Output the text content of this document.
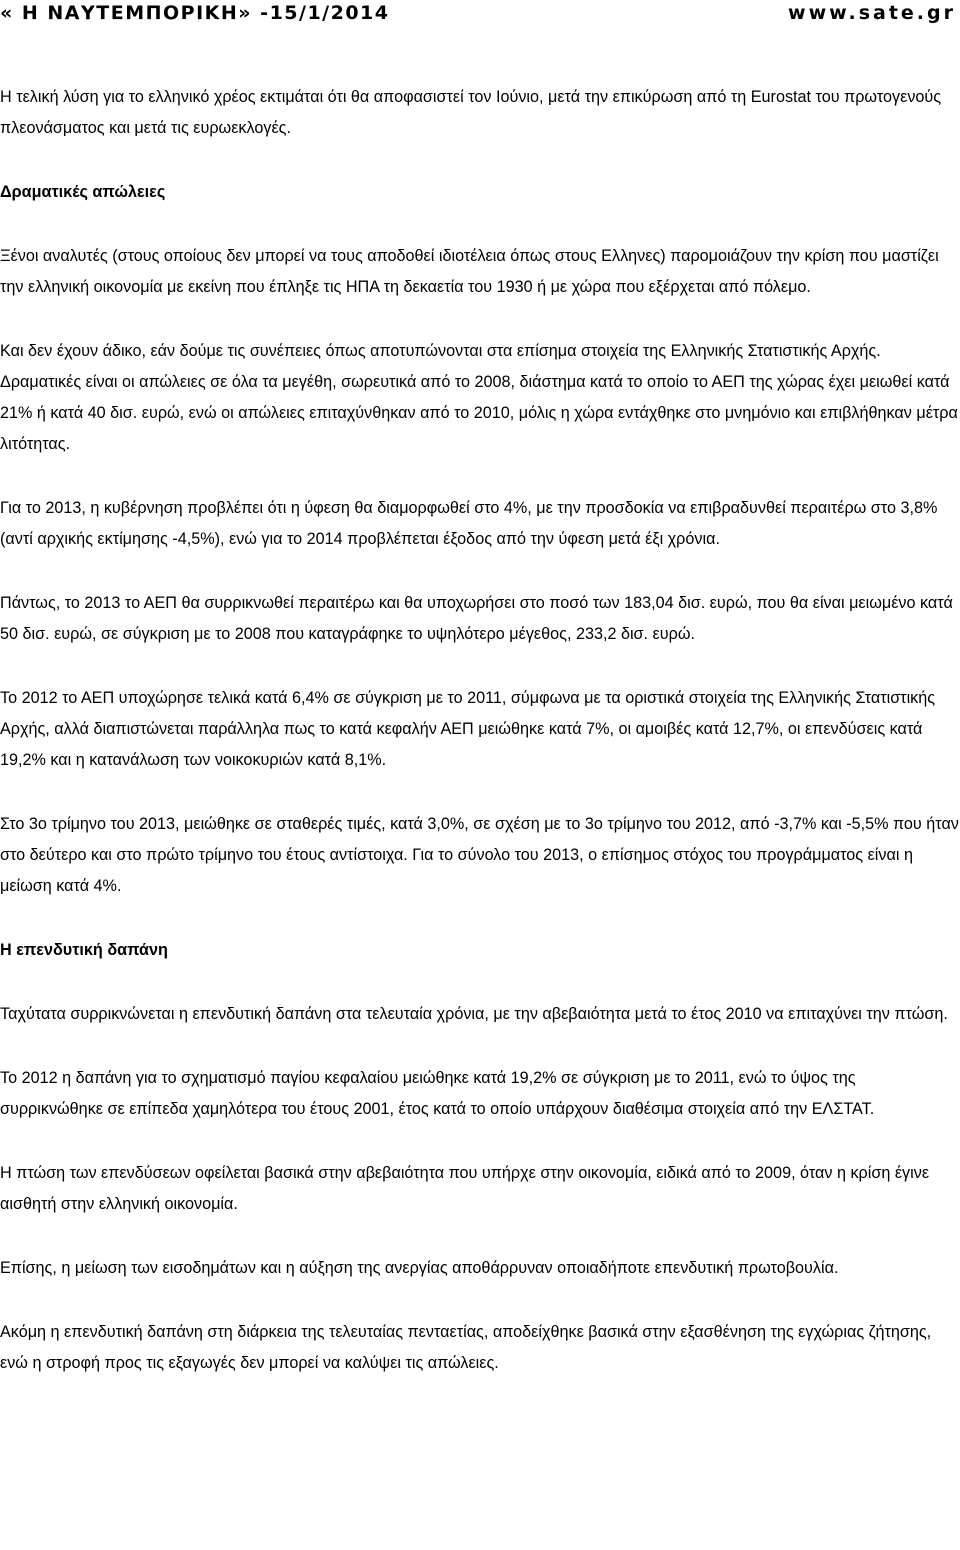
« Η ΝΑΥΤΕΜΠΟΡΙΚΗ» -15/1/2014	www.sate.gr

Η τελική λύση για το ελληνικό χρέος εκτιμάται ότι θα αποφασιστεί τον Ιούνιο, μετά την επικύρωση από τη Eurostat του πρωτογενούς πλεονάσματος και μετά τις ευρωεκλογές.

Δραματικές απώλειες

Ξένοι αναλυτές (στους οποίους δεν μπορεί να τους αποδοθεί ιδιοτέλεια όπως στους Ελληνες) παρομοιάζουν την κρίση που μαστίζει την ελληνική οικονομία με εκείνη που έπληξε τις ΗΠΑ τη δεκαετία του 1930 ή με χώρα που εξέρχεται από πόλεμο.

Και δεν έχουν άδικο, εάν δούμε τις συνέπειες όπως αποτυπώνονται στα επίσημα στοιχεία της Ελληνικής Στατιστικής Αρχής. Δραματικές είναι οι απώλειες σε όλα τα μεγέθη, σωρευτικά από το 2008, διάστημα κατά το οποίο το ΑΕΠ της χώρας έχει μειωθεί κατά 21% ή κατά 40 δισ. ευρώ, ενώ οι απώλειες επιταχύνθηκαν από το 2010, μόλις η χώρα εντάχθηκε στο μνημόνιο και επιβλήθηκαν μέτρα λιτότητας.

Για το 2013, η κυβέρνηση προβλέπει ότι η ύφεση θα διαμορφωθεί στο 4%, με την προσδοκία να επιβραδυνθεί περαιτέρω στο 3,8% (αντί αρχικής εκτίμησης -4,5%), ενώ για το 2014 προβλέπεται έξοδος από την ύφεση μετά έξι χρόνια.

Πάντως, το 2013 το ΑΕΠ θα συρρικνωθεί περαιτέρω και θα υποχωρήσει στο ποσό των 183,04 δισ. ευρώ, που θα είναι μειωμένο κατά 50 δισ. ευρώ, σε σύγκριση με το 2008 που καταγράφηκε το υψηλότερο μέγεθος, 233,2 δισ. ευρώ.

Το 2012 το ΑΕΠ υποχώρησε τελικά κατά 6,4% σε σύγκριση με το 2011, σύμφωνα με τα οριστικά στοιχεία της Ελληνικής Στατιστικής Αρχής, αλλά διαπιστώνεται παράλληλα πως το κατά κεφαλήν ΑΕΠ μειώθηκε κατά 7%, οι αμοιβές κατά 12,7%, οι επενδύσεις κατά 19,2% και η κατανάλωση των νοικοκυριών κατά 8,1%.

Στο 3ο τρίμηνο του 2013, μειώθηκε σε σταθερές τιμές, κατά 3,0%, σε σχέση με το 3ο τρίμηνο του 2012, από -3,7% και -5,5% που ήταν στο δεύτερο και στο πρώτο τρίμηνο του έτους αντίστοιχα. Για το σύνολο του 2013, ο επίσημος στόχος του προγράμματος είναι η μείωση κατά 4%.

Η επενδυτική δαπάνη

Ταχύτατα συρρικνώνεται η επενδυτική δαπάνη στα τελευταία χρόνια, με την αβεβαιότητα μετά το έτος 2010 να επιταχύνει την πτώση.

Το 2012 η δαπάνη για το σχηματισμό παγίου κεφαλαίου μειώθηκε κατά 19,2% σε σύγκριση με το 2011, ενώ το ύψος της συρρικνώθηκε σε επίπεδα χαμηλότερα του έτους 2001, έτος κατά το οποίο υπάρχουν διαθέσιμα στοιχεία από την ΕΛΣΤΑΤ.

Η πτώση των επενδύσεων οφείλεται βασικά στην αβεβαιότητα που υπήρχε στην οικονομία, ειδικά από το 2009, όταν η κρίση έγινε αισθητή στην ελληνική οικονομία.

Επίσης, η μείωση των εισοδημάτων και η αύξηση της ανεργίας αποθάρρυναν οποιαδήποτε επενδυτική πρωτοβουλία.

Ακόμη η επενδυτική δαπάνη στη διάρκεια της τελευταίας πενταετίας, αποδείχθηκε βασικά στην εξασθένηση της εγχώριας ζήτησης, ενώ η στροφή προς τις εξαγωγές δεν μπορεί να καλύψει τις απώλειες.
